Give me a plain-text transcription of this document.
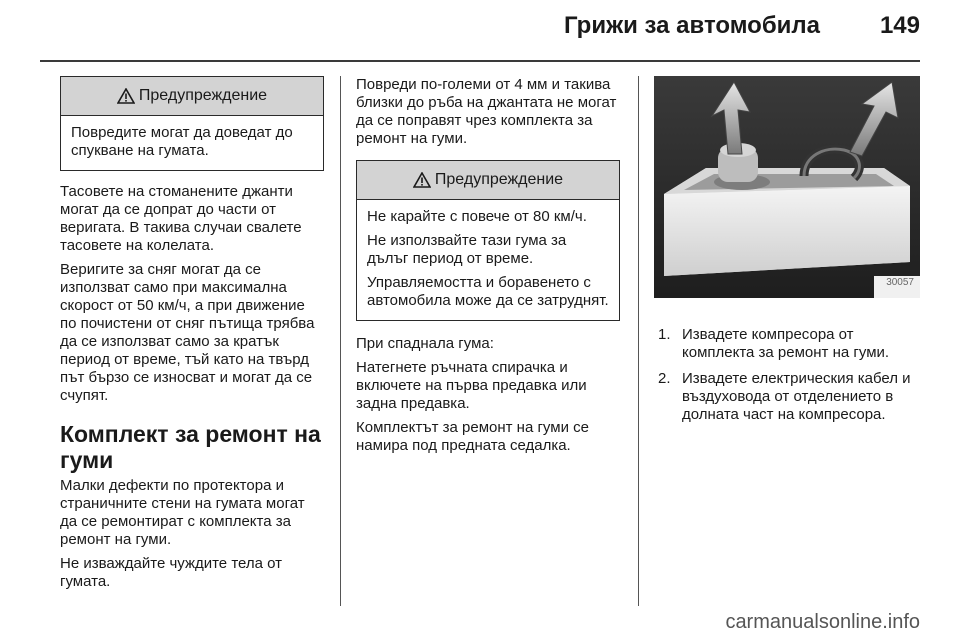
Грижи за автомобила 149
Предупреждение

Повредите могат да доведат до спукване на гумата.

Тасовете на стоманените джанти могат да се допрат до части от веригата. В такива случаи свалете тасовете на колелата.

Веригите за сняг могат да се използват само при максимална скорост от 50 км/ч, а при движение по почистени от сняг пътища трябва да се използват само за кратък период от време, тъй като на твърд път бързо се износват и могат да се счупят.

Комплект за ремонт на гуми

Малки дефекти по протектора и страничните стени на гумата могат да се ремонтират с комплекта за ремонт на гуми.

Не изваждайте чуждите тела от гумата.

Повреди по-големи от 4 мм и такива близки до ръба на джантата не могат да се поправят чрез комплекта за ремонт на гуми.

Предупреждение

Не карайте с повече от 80 км/ч.

Не използвайте тази гума за дълъг период от време.

Управляемостта и боравенето с автомобила може да се затруднят.

При спаднала гума:

Натегнете ръчната спирачка и включете на първа предавка или задна предавка.

Комплектът за ремонт на гуми се намира под предната седалка.

30057
1. Извадете компресора от комплекта за ремонт на гуми.
2. Извадете електрическия кабел и въздуховода от отделението в долната част на компресора.
carmanualsonline.info
